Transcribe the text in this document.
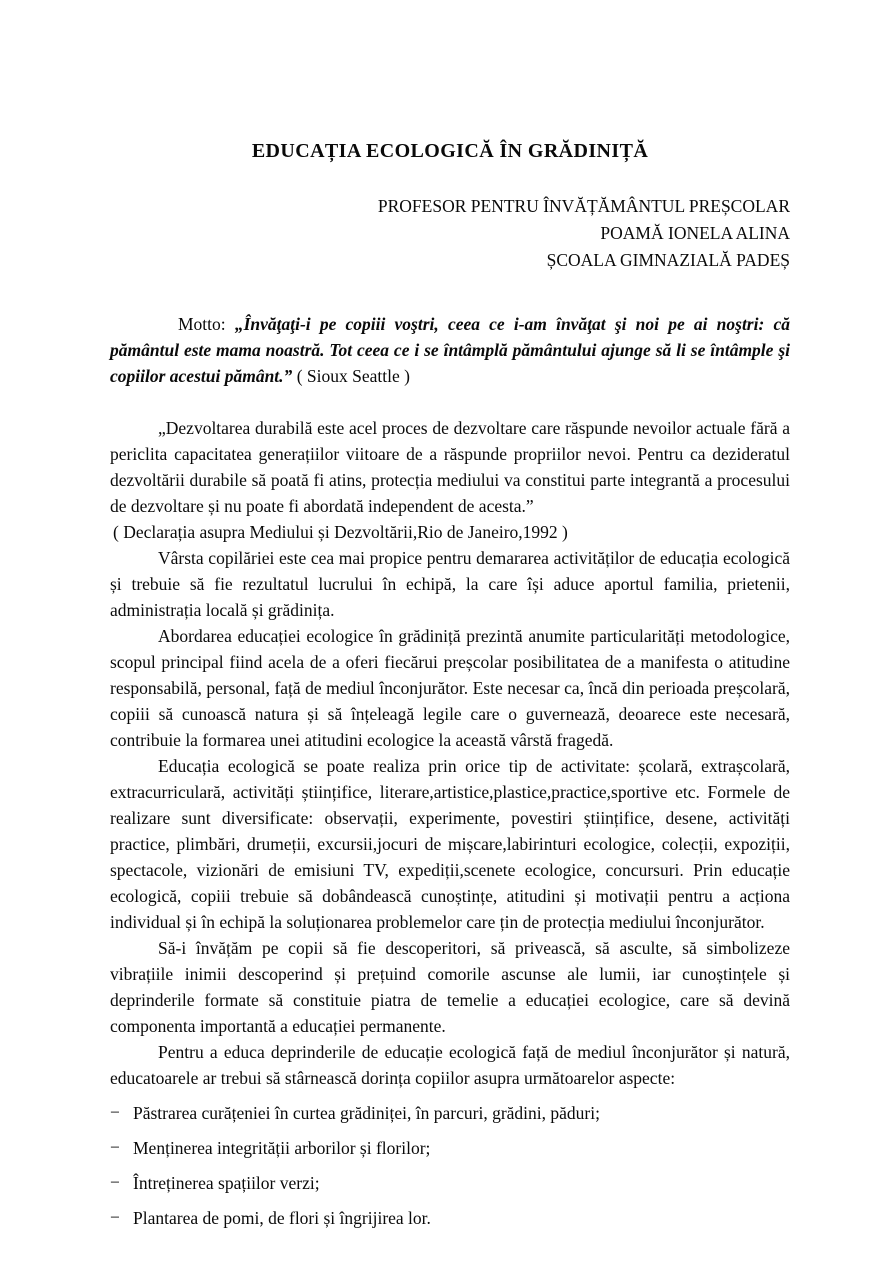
EDUCAȚIA ECOLOGICĂ ÎN GRĂDINIȚĂ
PROFESOR PENTRU ÎNVĂȚĂMÂNTUL PREȘCOLAR
POAMĂ IONELA ALINA
ȘCOALA GIMNAZIALĂ PADEȘ

Motto: „Învăţaţi-i pe copiii voştri, ceea ce i-am învăţat şi noi pe ai noştri: că pământul este mama noastră. Tot ceea ce i se întâmplă pământului ajunge să li se întâmple şi copiilor acestui pământ.” ( Sioux Seattle )

„Dezvoltarea durabilă este acel proces de dezvoltare care răspunde nevoilor actuale fără a periclita capacitatea generațiilor viitoare de a răspunde propriilor nevoi. Pentru ca dezideratul dezvoltării durabile să poată fi atins, protecția mediului va constitui parte integrantă a procesului de dezvoltare și nu poate fi abordată independent de acesta.”

( Declarația asupra Mediului și Dezvoltării,Rio de Janeiro,1992 )

Vârsta copilăriei este cea mai propice pentru demararea activităților de educația ecologică și trebuie să fie rezultatul lucrului în echipă, la care își aduce aportul familia, prietenii, administrația locală și grădinița.

Abordarea educației ecologice în grădiniță prezintă anumite particularități metodologice, scopul principal fiind acela de a oferi fiecărui preșcolar posibilitatea de a manifesta o atitudine responsabilă, personal, față de mediul înconjurător. Este necesar ca, încă din perioada preșcolară, copiii să cunoască natura și să înțeleagă legile care o guvernează, deoarece este necesară, contribuie la formarea unei atitudini ecologice la această vârstă fragedă.

Educația ecologică se poate realiza prin orice tip de activitate: școlară, extrașcolară, extracurriculară, activități științifice, literare,artistice,plastice,practice,sportive etc. Formele de realizare sunt diversificate: observații, experimente, povestiri științifice, desene, activități practice, plimbări, drumeții, excursii,jocuri de mișcare,labirinturi ecologice, colecții, expoziții, spectacole, vizionări de emisiuni TV, expediții,scenete ecologice, concursuri. Prin educație ecologică, copiii trebuie să dobândească cunoștințe, atitudini și motivații pentru a acționa individual și în echipă la soluționarea problemelor care țin de protecția mediului înconjurător.

Să-i învățăm pe copii să fie descoperitori, să privească, să asculte, să simbolizeze vibrațiile inimii descoperind și prețuind comorile ascunse ale lumii, iar cunoștințele și deprinderile formate să constituie piatra de temelie a educației ecologice, care să devină componenta importantă a educației permanente.

Pentru a educa deprinderile de educație ecologică față de mediul înconjurător și natură, educatoarele ar trebui să stârnească dorința copiilor asupra următoarelor aspecte:

− Păstrarea curățeniei în curtea grădiniței, în parcuri, grădini, păduri;
− Menținerea integrității arborilor și florilor;
− Întreținerea spațiilor verzi;
− Plantarea de pomi, de flori și îngrijirea lor.
